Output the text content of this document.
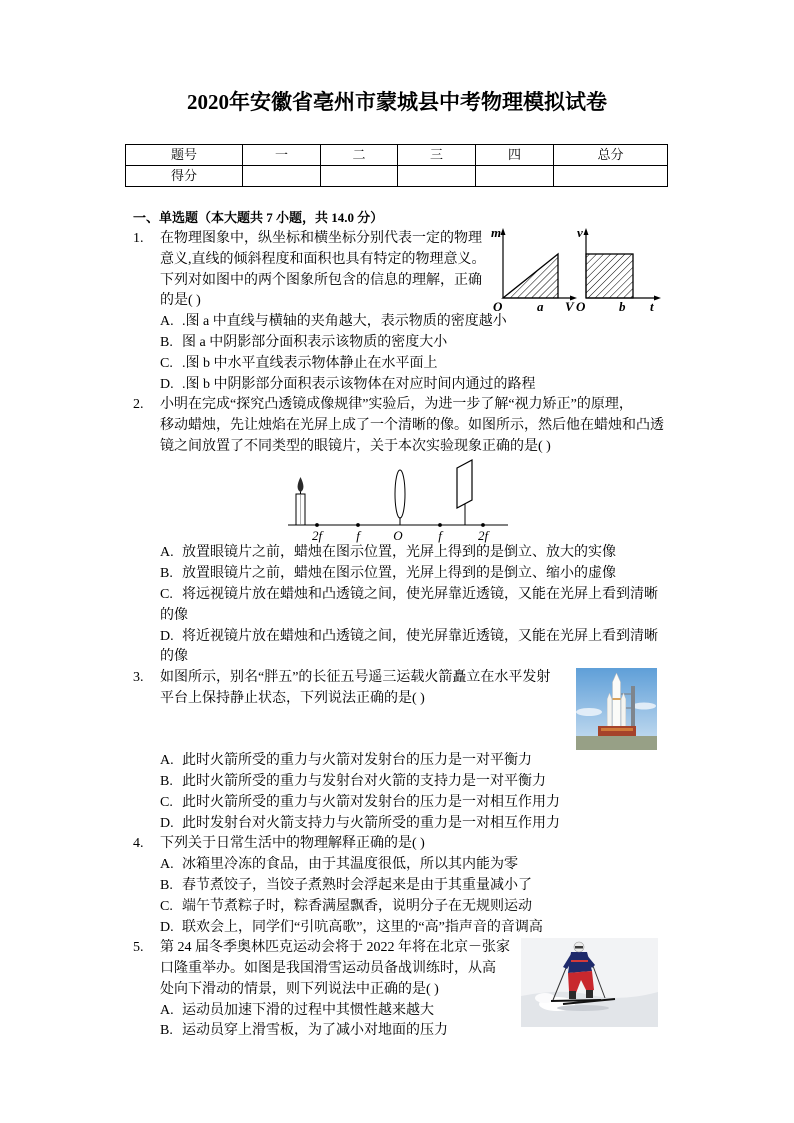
2020年安徽省亳州市蒙城县中考物理模拟试卷
题号	一	二	三	四	总分
得分					
一、单选题（本大题共 7 小题，共 14.0 分）
1. 在物理图象中，纵坐标和横坐标分别代表一定的物理
意义,直线的倾斜程度和面积也具有特定的物理意义。
下列对如图中的两个图象所包含的信息的理解，正确
的是( )
A. .图 a 中直线与横轴的夹角越大，表示物质的密度越小
B. 图 a 中阴影部分面积表示该物质的密度大小
C. .图 b 中水平直线表示物体静止在水平面上
D. .图 b 中阴影部分面积表示该物体在对应时间内通过的路程
2. 小明在完成“探究凸透镜成像规律”实验后，为进一步了解“视力矫正”的原理，
移动蜡烛，先让烛焰在光屏上成了一个清晰的像。如图所示，然后他在蜡烛和凸透
镜之间放置了不同类型的眼镜片，关于本次实验现象正确的是( )
A. 放置眼镜片之前，蜡烛在图示位置，光屏上得到的是倒立、放大的实像
B. 放置眼镜片之前，蜡烛在图示位置，光屏上得到的是倒立、缩小的虚像
C. 将远视镜片放在蜡烛和凸透镜之间，使光屏靠近透镜，又能在光屏上看到清晰
的像
D. 将近视镜片放在蜡烛和凸透镜之间，使光屏靠近透镜，又能在光屏上看到清晰
的像
3. 如图所示，别名“胖五”的长征五号遥三运载火箭矗立在水平发射
平台上保持静止状态，下列说法正确的是( )
A. 此时火箭所受的重力与火箭对发射台的压力是一对平衡力
B. 此时火箭所受的重力与发射台对火箭的支持力是一对平衡力
C. 此时火箭所受的重力与火箭对发射台的压力是一对相互作用力
D. 此时发射台对火箭支持力与火箭所受的重力是一对相互作用力
4. 下列关于日常生活中的物理解释正确的是( )
A. 冰箱里冷冻的食品，由于其温度很低，所以其内能为零
B. 春节煮饺子，当饺子煮熟时会浮起来是由于其重量减小了
C. 端午节煮粽子时，粽香满屋飘香，说明分子在无规则运动
D. 联欢会上，同学们“引吭高歌”，这里的“高”指声音的音调高
5. 第 24 届冬季奥林匹克运动会将于 2022 年将在北京－张家
口隆重举办。如图是我国滑雪运动员备战训练时，从高
处向下滑动的情景，则下列说法中正确的是( )
A. 运动员加速下滑的过程中其惯性越来越大
B. 运动员穿上滑雪板，为了减小对地面的压力
m
O	a V
v
O	b t
2f	f	O	f	2f
